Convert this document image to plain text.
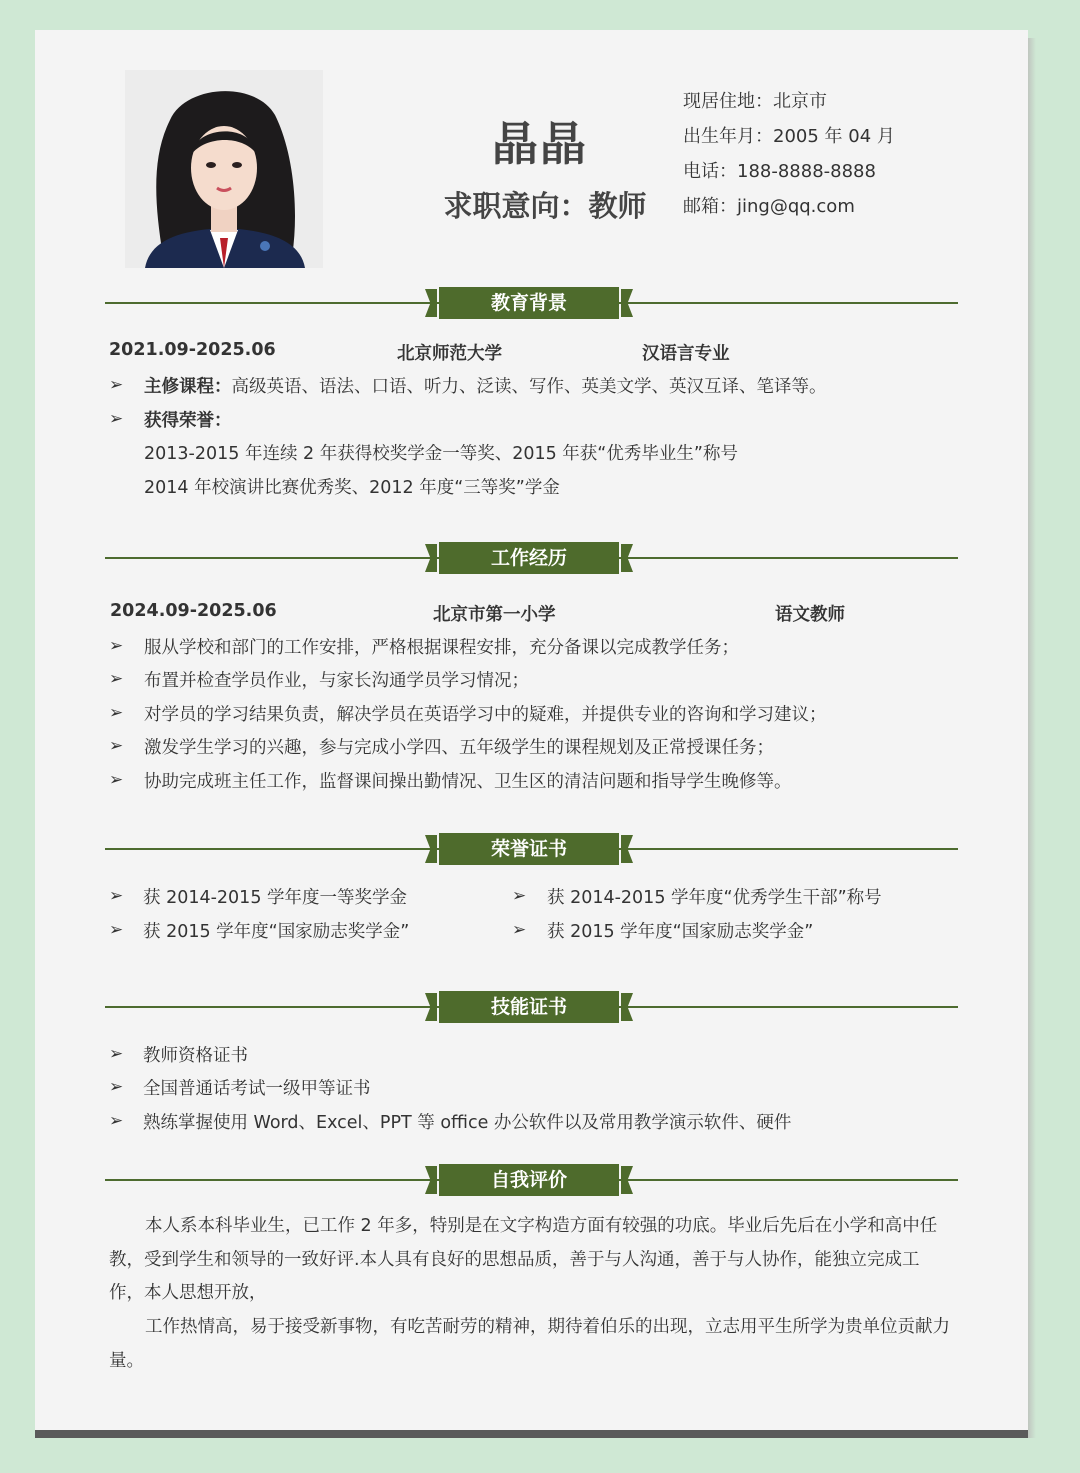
晶晶
求职意向：教师
现居住地：北京市
出生年月：2005 年 04 月
电话：188-8888-8888
邮箱：jing@qq.com
教育背景
2021.09-2025.06	北京师范大学	汉语言专业
➢ 主修课程：高级英语、语法、口语、听力、泛读、写作、英美文学、英汉互译、笔译等。
➢ 获得荣誉：
2013-2015 年连续 2 年获得校奖学金一等奖、2015 年获“优秀毕业生”称号
2014 年校演讲比赛优秀奖、2012 年度“三等奖”学金
工作经历
2024.09-2025.06	北京市第一小学	语文教师
➢ 服从学校和部门的工作安排，严格根据课程安排，充分备课以完成教学任务；
➢ 布置并检查学员作业，与家长沟通学员学习情况；
➢ 对学员的学习结果负责，解决学员在英语学习中的疑难，并提供专业的咨询和学习建议；
➢ 激发学生学习的兴趣，参与完成小学四、五年级学生的课程规划及正常授课任务；
➢ 协助完成班主任工作，监督课间操出勤情况、卫生区的清洁问题和指导学生晚修等。
荣誉证书
➢ 获 2014-2015 学年度一等奖学金	➢ 获 2014-2015 学年度“优秀学生干部”称号
➢ 获 2015 学年度“国家励志奖学金”	➢ 获 2015 学年度“国家励志奖学金”
技能证书
➢ 教师资格证书
➢ 全国普通话考试一级甲等证书
➢ 熟练掌握使用 Word、Excel、PPT 等 office 办公软件以及常用教学演示软件、硬件
自我评价
本人系本科毕业生，已工作 2 年多，特别是在文字构造方面有较强的功底。毕业后先后在小学和高中任教，受到学生和领导的一致好评.本人具有良好的思想品质，善于与人沟通，善于与人协作，能独立完成工作，本人思想开放，
工作热情高，易于接受新事物，有吃苦耐劳的精神，期待着伯乐的出现，立志用平生所学为贵单位贡献力量。
